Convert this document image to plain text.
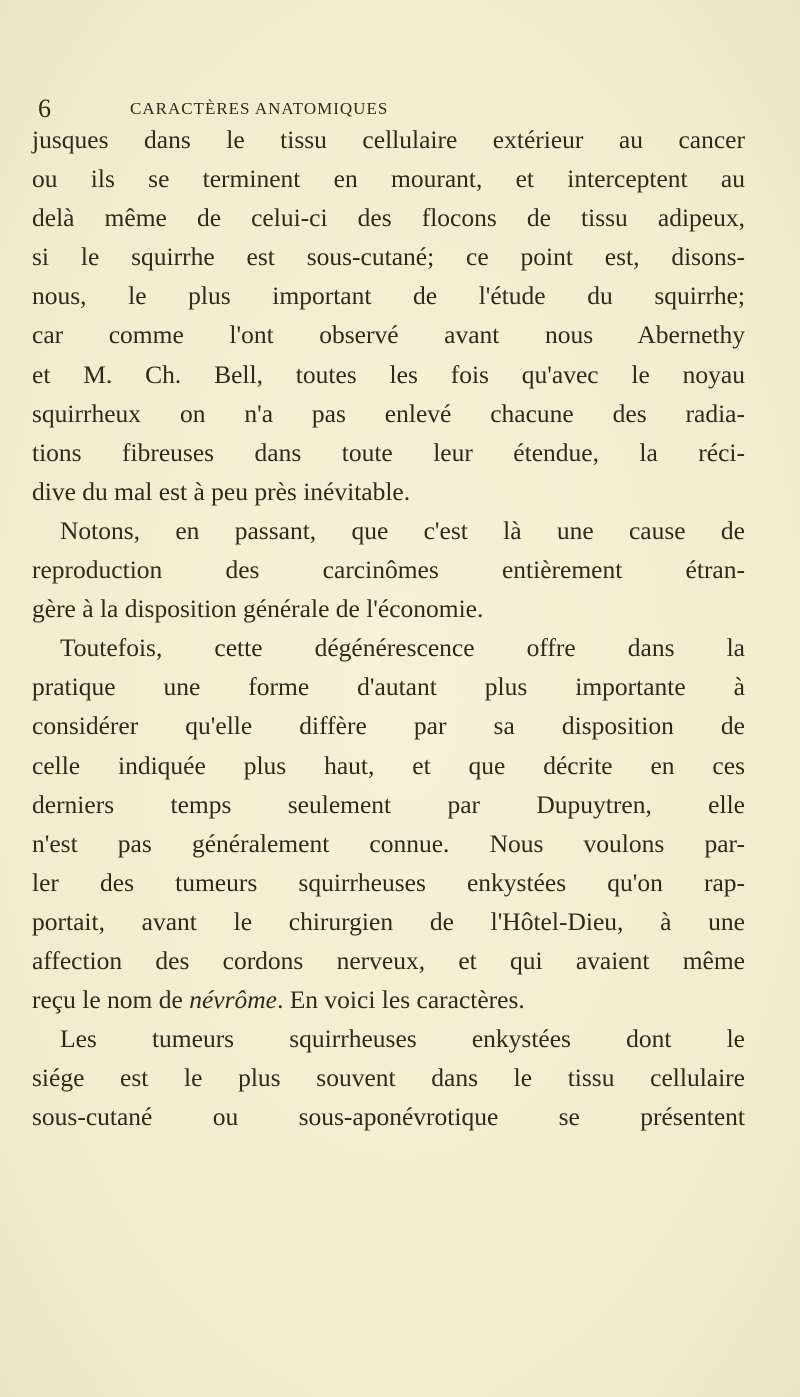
6	CARACTÈRES ANATOMIQUES
jusques dans le tissu cellulaire extérieur au cancer
ou ils se terminent en mourant, et interceptent au
delà même de celui-ci des flocons de tissu adipeux,
si le squirrhe est sous-cutané; ce point est, disons-
nous, le plus important de l'étude du squirrhe;
car comme l'ont observé avant nous Abernethy
et M. Ch. Bell, toutes les fois qu'avec le noyau
squirrheux on n'a pas enlevé chacune des radia-
tions fibreuses dans toute leur étendue, la réci-
dive du mal est à peu près inévitable.
Notons, en passant, que c'est là une cause de
reproduction des carcinômes entièrement étran-
gère à la disposition générale de l'économie.
Toutefois, cette dégénérescence offre dans la
pratique une forme d'autant plus importante à
considérer qu'elle diffère par sa disposition de
celle indiquée plus haut, et que décrite en ces
derniers temps seulement par Dupuytren, elle
n'est pas généralement connue. Nous voulons par-
ler des tumeurs squirrheuses enkystées qu'on rap-
portait, avant le chirurgien de l'Hôtel-Dieu, à une
affection des cordons nerveux, et qui avaient même
reçu le nom de névrôme. En voici les caractères.
Les tumeurs squirrheuses enkystées dont le
siége est le plus souvent dans le tissu cellulaire
sous-cutané ou sous-aponévrotique se présentent
